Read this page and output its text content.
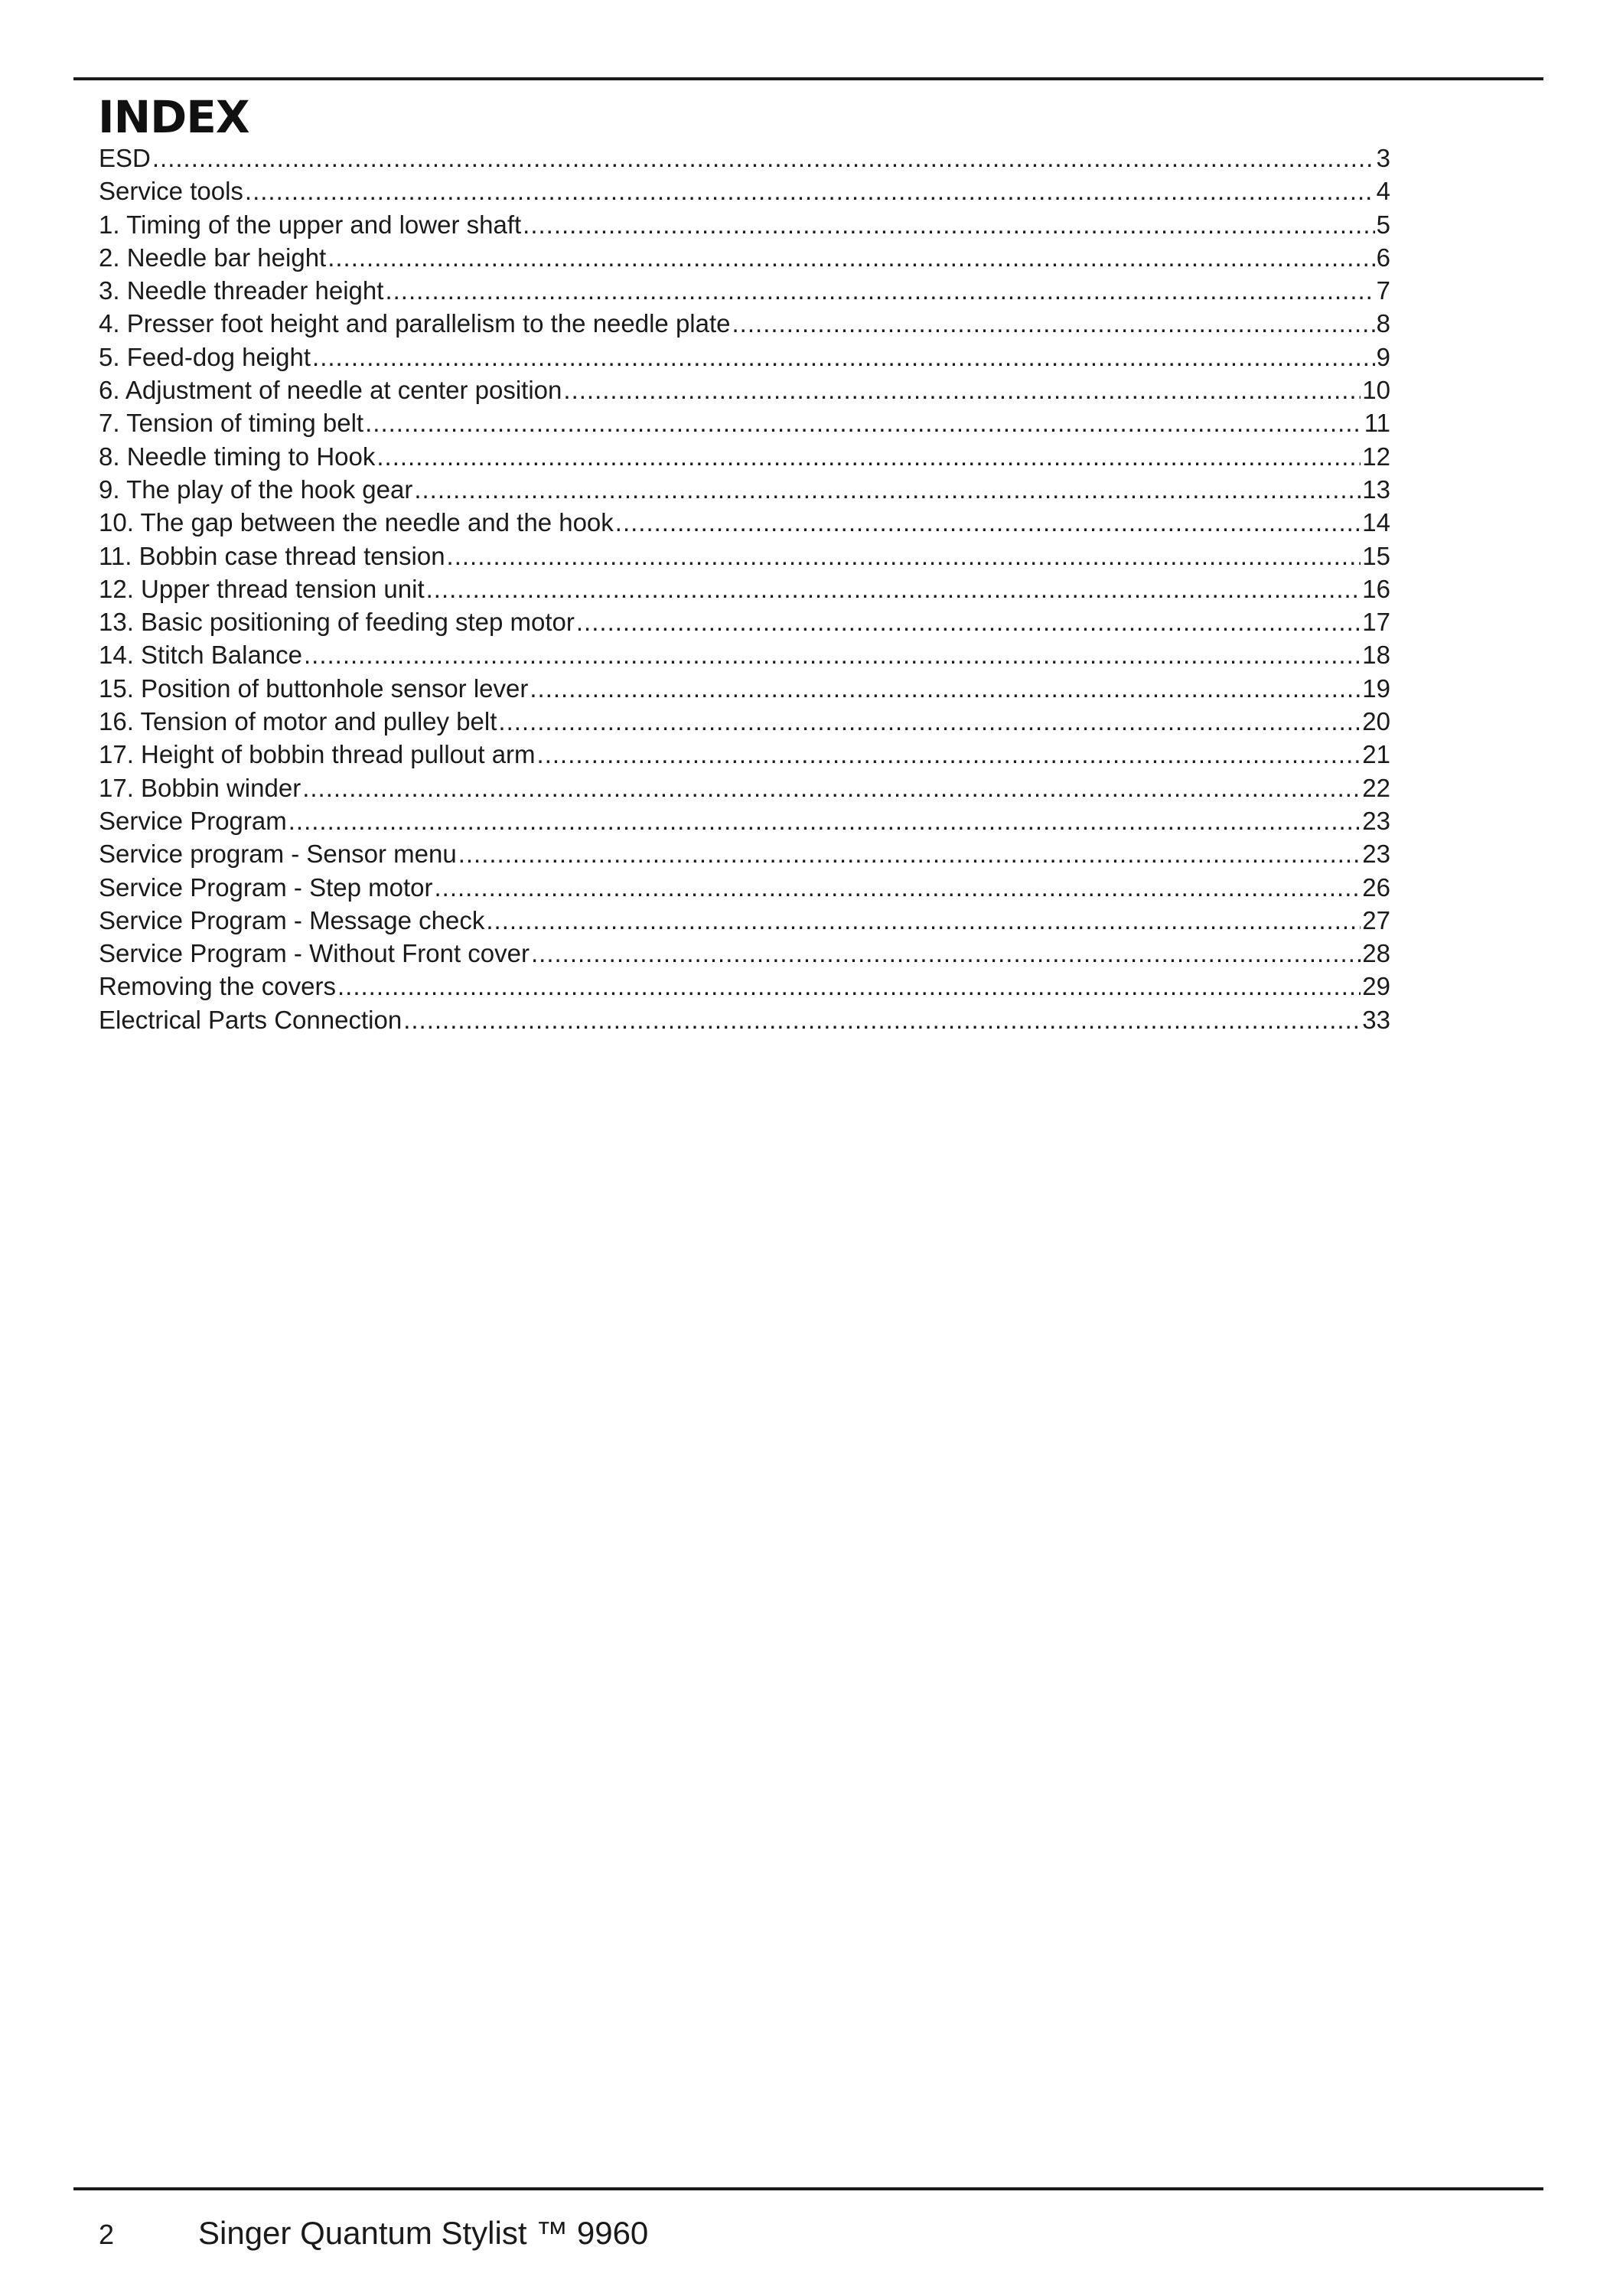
INDEX
ESD .....	3
Service tools .....	4
1. Timing of the upper and lower shaft .....	5
2. Needle bar height .....	6
3. Needle threader height .....	7
4. Presser foot height and parallelism to the needle plate .....	8
5. Feed-dog height .....	9
6. Adjustment of needle at center position .....	10
7. Tension of timing belt .....	11
8. Needle timing to Hook .....	12
9. The play of the hook gear .....	13
10. The gap between the needle and the hook .....	14
11. Bobbin case thread tension .....	15
12. Upper thread tension unit .....	16
13. Basic positioning of feeding step motor .....	17
14. Stitch Balance .....	18
15. Position of buttonhole sensor lever .....	19
16. Tension of motor and pulley belt .....	20
17. Height of bobbin thread pullout arm .....	21
17. Bobbin winder .....	22
Service Program .....	23
Service program - Sensor menu .....	23
Service Program - Step motor .....	26
Service Program - Message check .....	27
Service Program - Without Front cover .....	28
Removing the covers .....	29
Electrical Parts Connection .....	33
2	Singer Quantum Stylist ™ 9960
